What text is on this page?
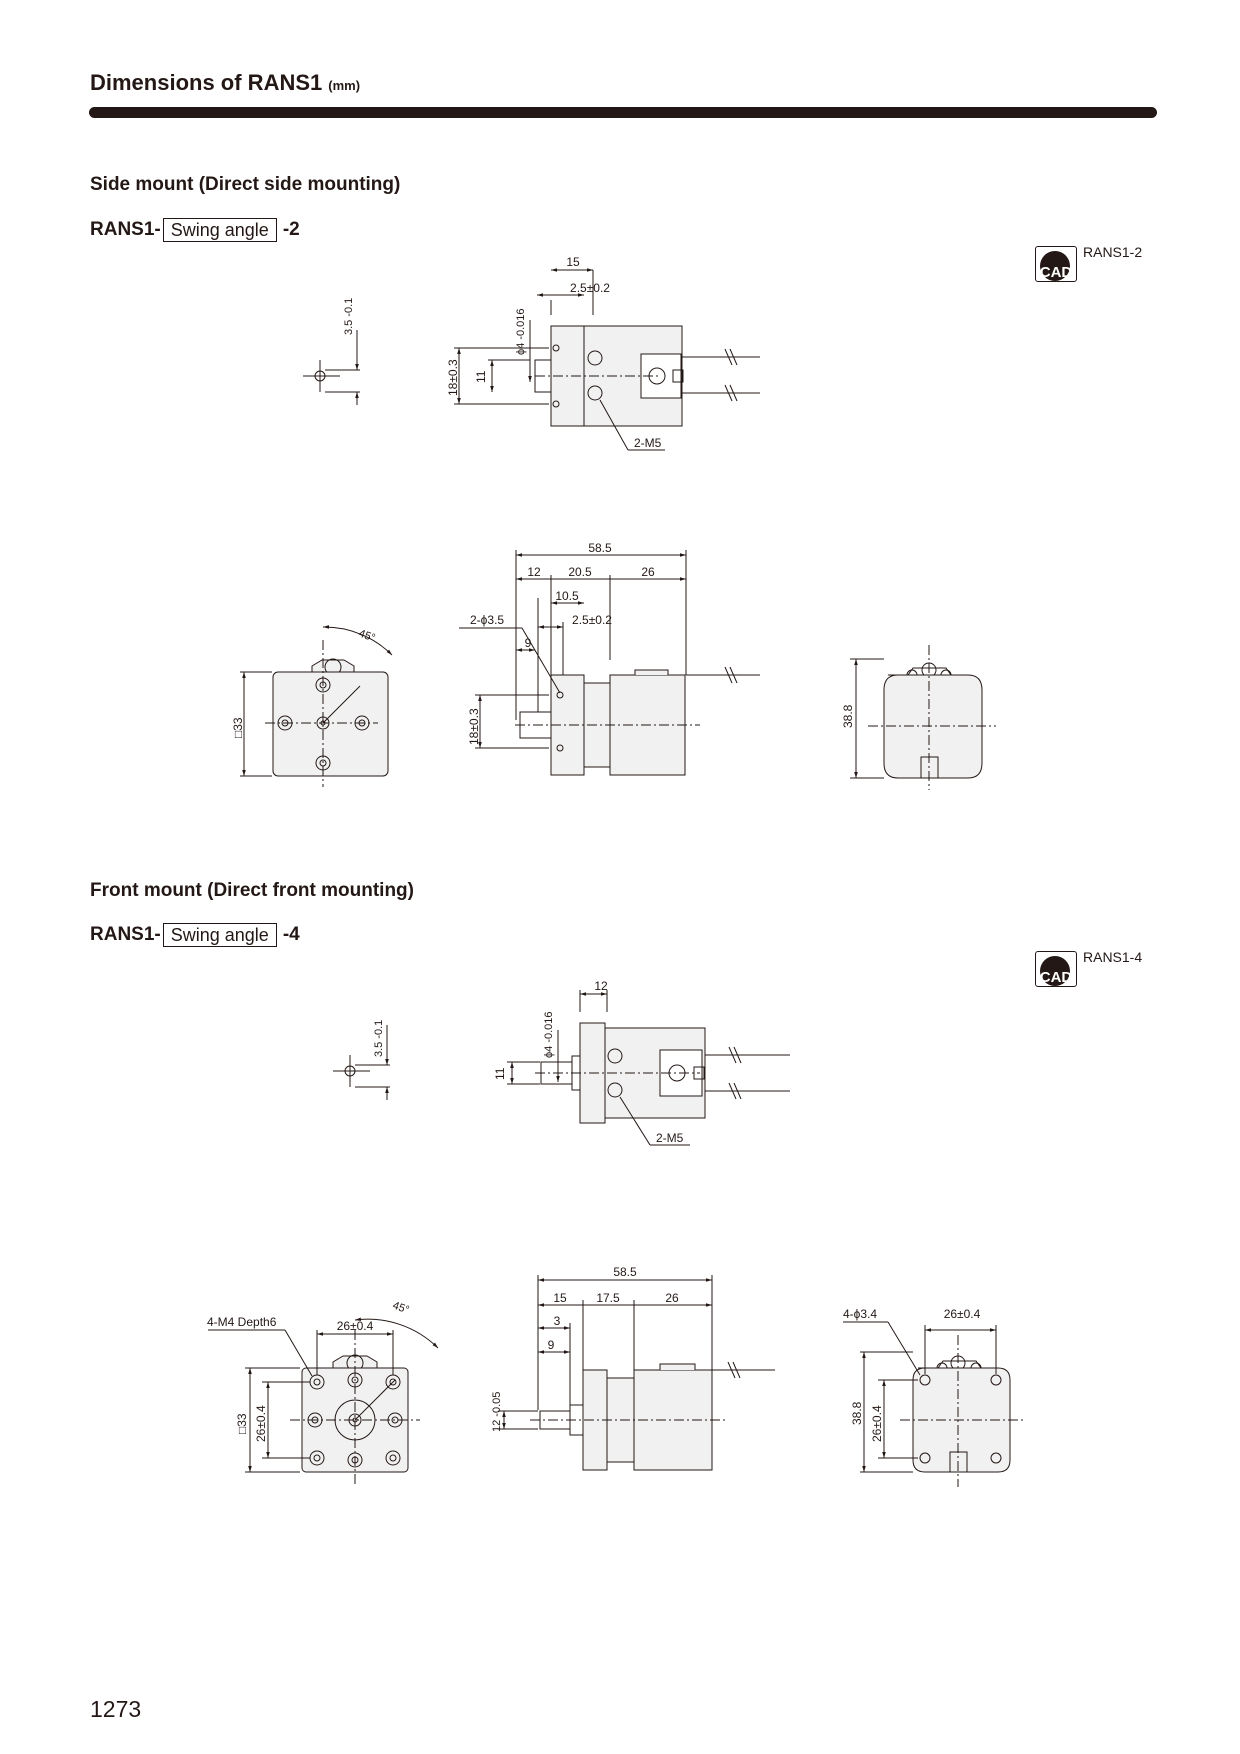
Dimensions of RANS1 (mm)
Side mount (Direct side mounting)
RANS1- Swing angle -2
CAD
RANS1-2
Front mount (Direct front mounting)
RANS1- Swing angle -4
CAD
RANS1-4
3.5 -0.1
15
2.5±0.2
ϕ4 -0.016
18±0.3 11
2-M5
45°
□33
58.5
12 20.5	26
10.5
2.5±0.2
2-ϕ3.5
9
18±0.3	38.8
3.5 -0.1
12
ϕ4 -0.016
11
2-M5
45°
4-M4 Depth6	26±0.4
26±0.4
□33
58.5
15 17.5	26
3
9
12 -0.05
4-ϕ3.4	26±0.4
38.8 26±0.4
1273
